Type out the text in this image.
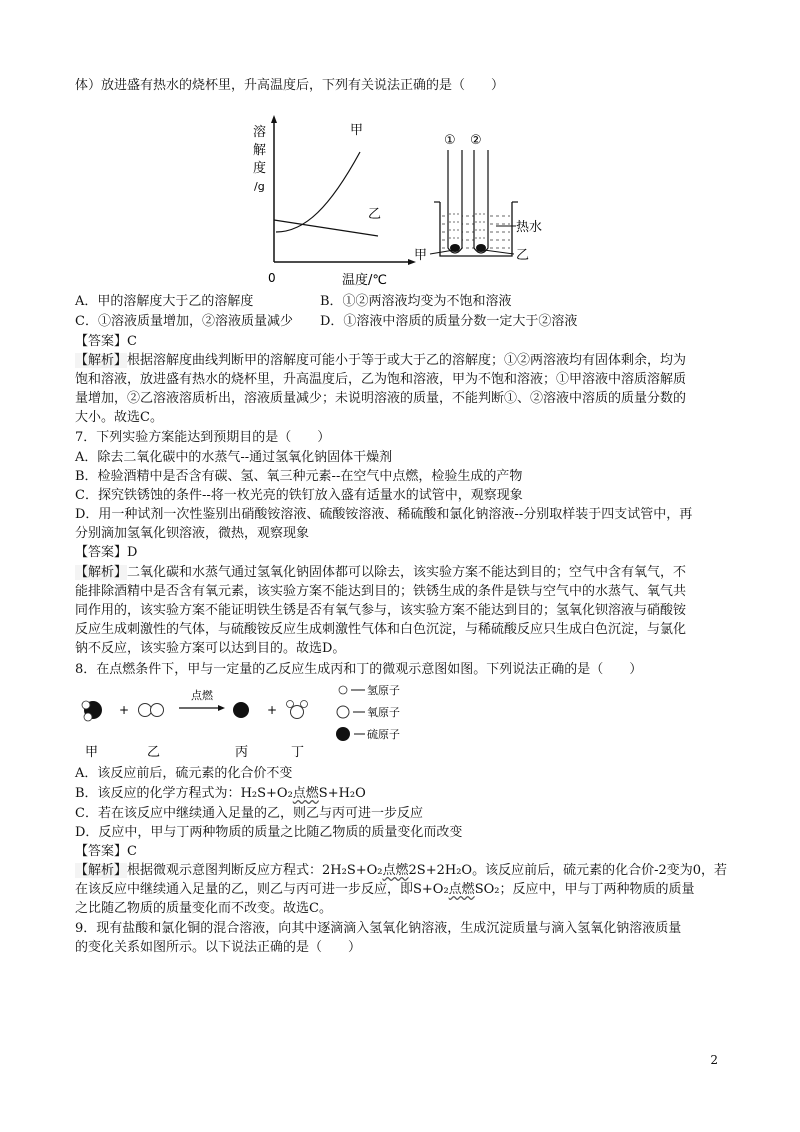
体）放进盛有热水的烧杯里，升高温度后，下列有关说法正确的是（　　）
溶
解
度
/g
甲
乙
0	温度/℃
① ②
热水
甲	乙
A．甲的溶解度大于乙的溶解度	B．①②两溶液均变为不饱和溶液
C．①溶液质量增加，②溶液质量减少 D．①溶液中溶质的质量分数一定大于②溶液
【答案】C
【解析】根据溶解度曲线判断甲的溶解度可能小于等于或大于乙的溶解度；①②两溶液均有固体剩余，均为
饱和溶液，放进盛有热水的烧杯里，升高温度后，乙为饱和溶液，甲为不饱和溶液；①甲溶液中溶质溶解质
量增加，②乙溶液溶质析出，溶液质量减少；未说明溶液的质量，不能判断①、②溶液中溶质的质量分数的
大小。故选C。
7．下列实验方案能达到预期目的是（　　）
A．除去二氧化碳中的水蒸气--通过氢氧化钠固体干燥剂
B．检验酒精中是否含有碳、氢、氧三种元素--在空气中点燃，检验生成的产物
C．探究铁锈蚀的条件--将一枚光亮的铁钉放入盛有适量水的试管中，观察现象
D．用一种试剂一次性鉴别出硝酸铵溶液、硫酸铵溶液、稀硫酸和氯化钠溶液--分别取样装于四支试管中，再
分别滴加氢氧化钡溶液，微热，观察现象
【答案】D
【解析】二氧化碳和水蒸气通过氢氧化钠固体都可以除去，该实验方案不能达到目的；空气中含有氧气，不
能排除酒精中是否含有氧元素，该实验方案不能达到目的；铁锈生成的条件是铁与空气中的水蒸气、氧气共
同作用的，该实验方案不能证明铁生锈是否有氧气参与，该实验方案不能达到目的；氢氧化钡溶液与硝酸铵
反应生成刺激性的气体，与硫酸铵反应生成刺激性气体和白色沉淀，与稀硫酸反应只生成白色沉淀，与氯化
钠不反应，该实验方案可以达到目的。故选D。
8．在点燃条件下，甲与一定量的乙反应生成丙和丁的微观示意图如图。下列说法正确的是（　　）
+
点燃
+
甲	乙	丙	丁
氢原子
氧原子
硫原子
A．该反应前后，硫元素的化合价不变
B．该反应的化学方程式为：H₂S+O₂点燃S+H₂O
C．若在该反应中继续通入足量的乙，则乙与丙可进一步反应
D．反应中，甲与丁两种物质的质量之比随乙物质的质量变化而改变
【答案】C
【解析】根据微观示意图判断反应方程式：2H₂S+O₂点燃2S+2H₂O。该反应前后，硫元素的化合价-2变为0，若
在该反应中继续通入足量的乙，则乙与丙可进一步反应，即S+O₂点燃SO₂；反应中，甲与丁两种物质的质量
之比随乙物质的质量变化而不改变。故选C。
9．现有盐酸和氯化铜的混合溶液，向其中逐滴滴入氢氧化钠溶液，生成沉淀质量与滴入氢氧化钠溶液质量
的变化关系如图所示。以下说法正确的是（　　）
2
